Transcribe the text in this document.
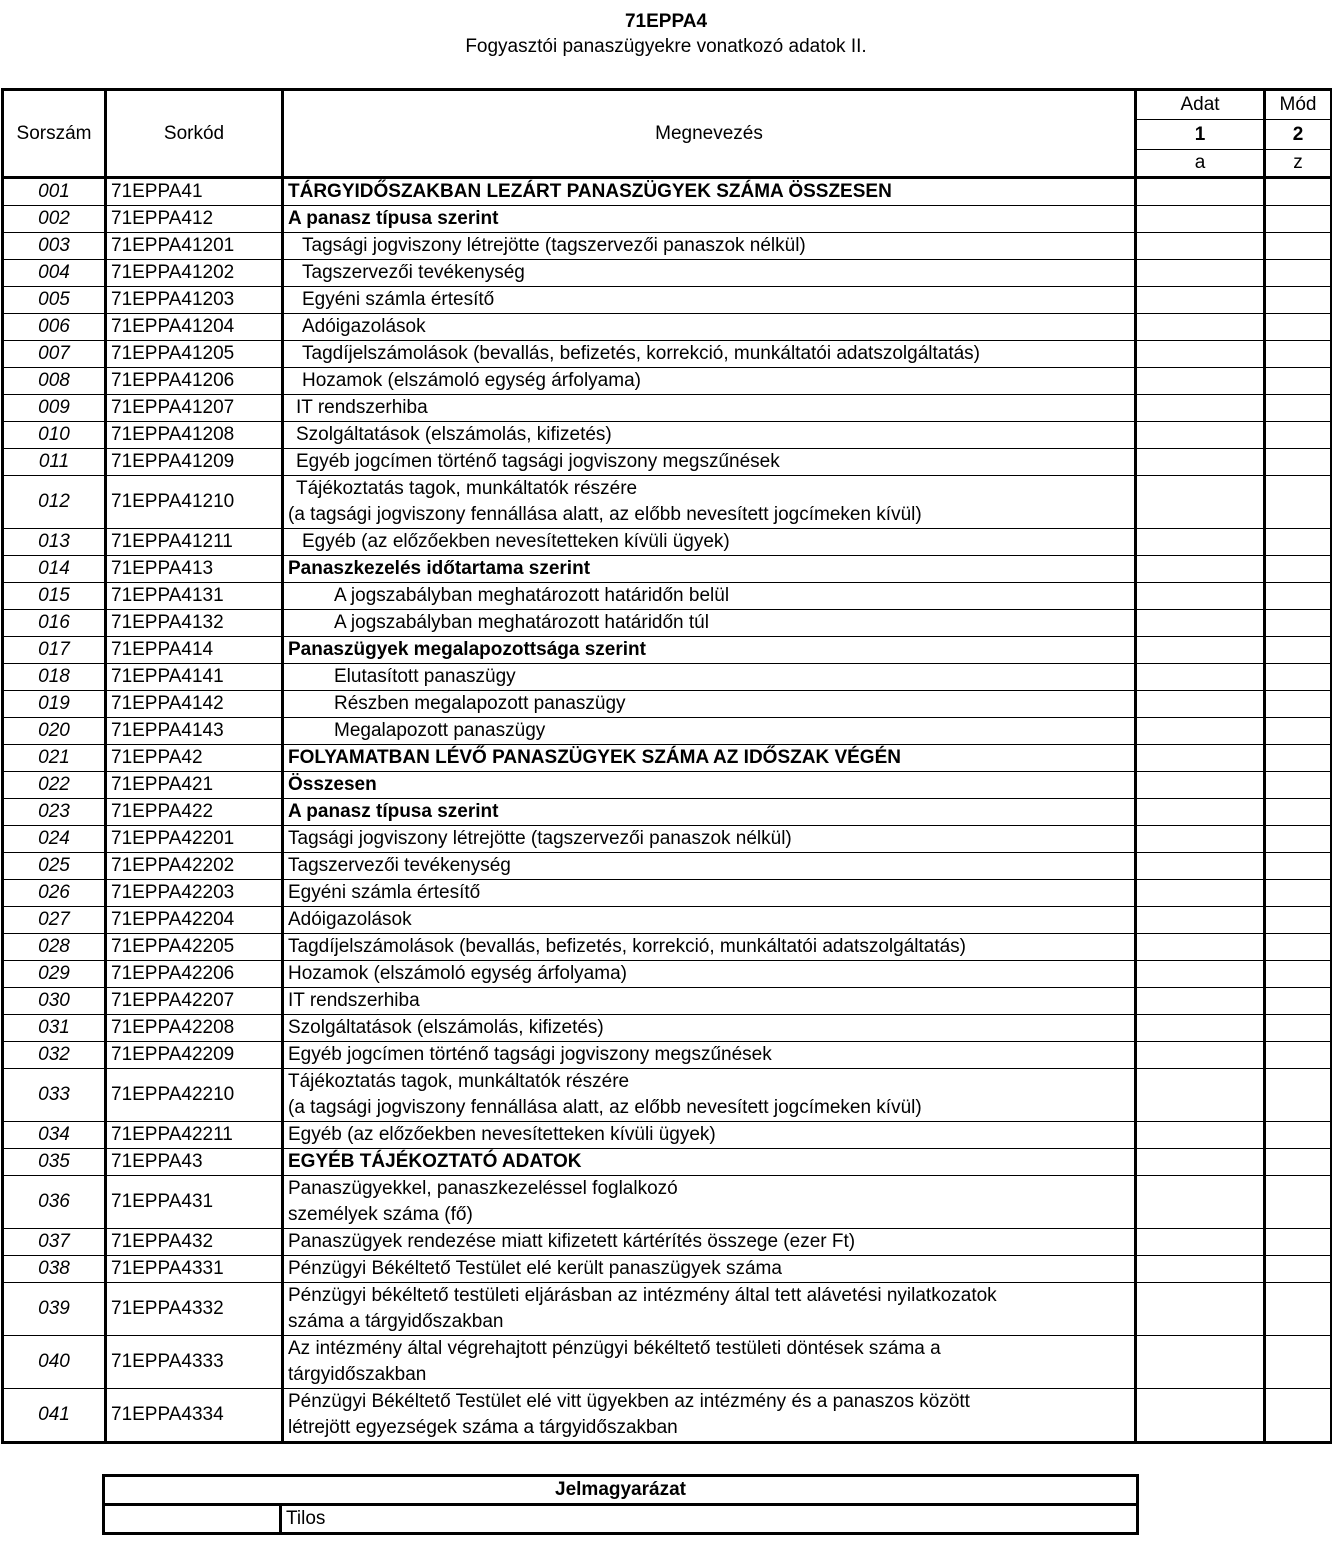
71EPPA4
Fogyasztói panaszügyekre vonatkozó adatok II.
Sorszám	Sorkód	Megnevezés	Adat	Mód
			1	2
			a	z
001	71EPPA41	TÁRGYIDŐSZAKBAN LEZÁRT PANASZÜGYEK SZÁMA ÖSSZESEN		

002	71EPPA412	A panasz típusa szerint		

003	71EPPA41201	Tagsági jogviszony létrejötte (tagszervezői panaszok nélkül)		

004	71EPPA41202	Tagszervezői tevékenység		

005	71EPPA41203	Egyéni számla értesítő		

006	71EPPA41204	Adóigazolások		

007	71EPPA41205	Tagdíjelszámolások (bevallás, befizetés, korrekció, munkáltatói adatszolgáltatás)		

008	71EPPA41206	Hozamok (elszámoló egység árfolyama)		

009	71EPPA41207	IT rendszerhiba		

010	71EPPA41208	Szolgáltatások (elszámolás, kifizetés)		

011	71EPPA41209	Egyéb jogcímen történő tagsági jogviszony megszűnések		

012	71EPPA41210	Tájékoztatás tagok, munkáltatók részére
(a tagsági jogviszony fennállása alatt, az előbb nevesített jogcímeken kívül)		

013	71EPPA41211	Egyéb (az előzőekben nevesítetteken kívüli ügyek)		

014	71EPPA413	Panaszkezelés időtartama szerint		

015	71EPPA4131	A jogszabályban meghatározott határidőn belül		

016	71EPPA4132	A jogszabályban meghatározott határidőn túl		

017	71EPPA414	Panaszügyek megalapozottsága szerint		

018	71EPPA4141	Elutasított panaszügy		

019	71EPPA4142	Részben megalapozott panaszügy		

020	71EPPA4143	Megalapozott panaszügy		

021	71EPPA42	FOLYAMATBAN LÉVŐ PANASZÜGYEK SZÁMA AZ IDŐSZAK VÉGÉN		

022	71EPPA421	Összesen		

023	71EPPA422	A panasz típusa szerint		

024	71EPPA42201	Tagsági jogviszony létrejötte (tagszervezői panaszok nélkül)		

025	71EPPA42202	Tagszervezői tevékenység		

026	71EPPA42203	Egyéni számla értesítő		

027	71EPPA42204	Adóigazolások		

028	71EPPA42205	Tagdíjelszámolások (bevallás, befizetés, korrekció, munkáltatói adatszolgáltatás)		

029	71EPPA42206	Hozamok (elszámoló egység árfolyama)		

030	71EPPA42207	IT rendszerhiba		

031	71EPPA42208	Szolgáltatások (elszámolás, kifizetés)		

032	71EPPA42209	Egyéb jogcímen történő tagsági jogviszony megszűnések		

033	71EPPA42210	Tájékoztatás tagok, munkáltatók részére
(a tagsági jogviszony fennállása alatt, az előbb nevesített jogcímeken kívül)		

034	71EPPA42211	Egyéb (az előzőekben nevesítetteken kívüli ügyek)		

035	71EPPA43	EGYÉB TÁJÉKOZTATÓ ADATOK		

036	71EPPA431	Panaszügyekkel, panaszkezeléssel foglalkozó
személyek száma (fő)		

037	71EPPA432	Panaszügyek rendezése miatt kifizetett kártérítés összege (ezer Ft)		

038	71EPPA4331	Pénzügyi Békéltető Testület elé került panaszügyek száma		

039	71EPPA4332	Pénzügyi békéltető testületi eljárásban az intézmény által tett alávetési nyilatkozatok
száma a tárgyidőszakban		

040	71EPPA4333	Az intézmény által végrehajtott pénzügyi békéltető testületi döntések száma a
tárgyidőszakban		

041	71EPPA4334	Pénzügyi Békéltető Testület elé vitt ügyekben az intézmény és a panaszos között
létrejött egyezségek száma a tárgyidőszakban		

Jelmagyarázat
	Tilos
